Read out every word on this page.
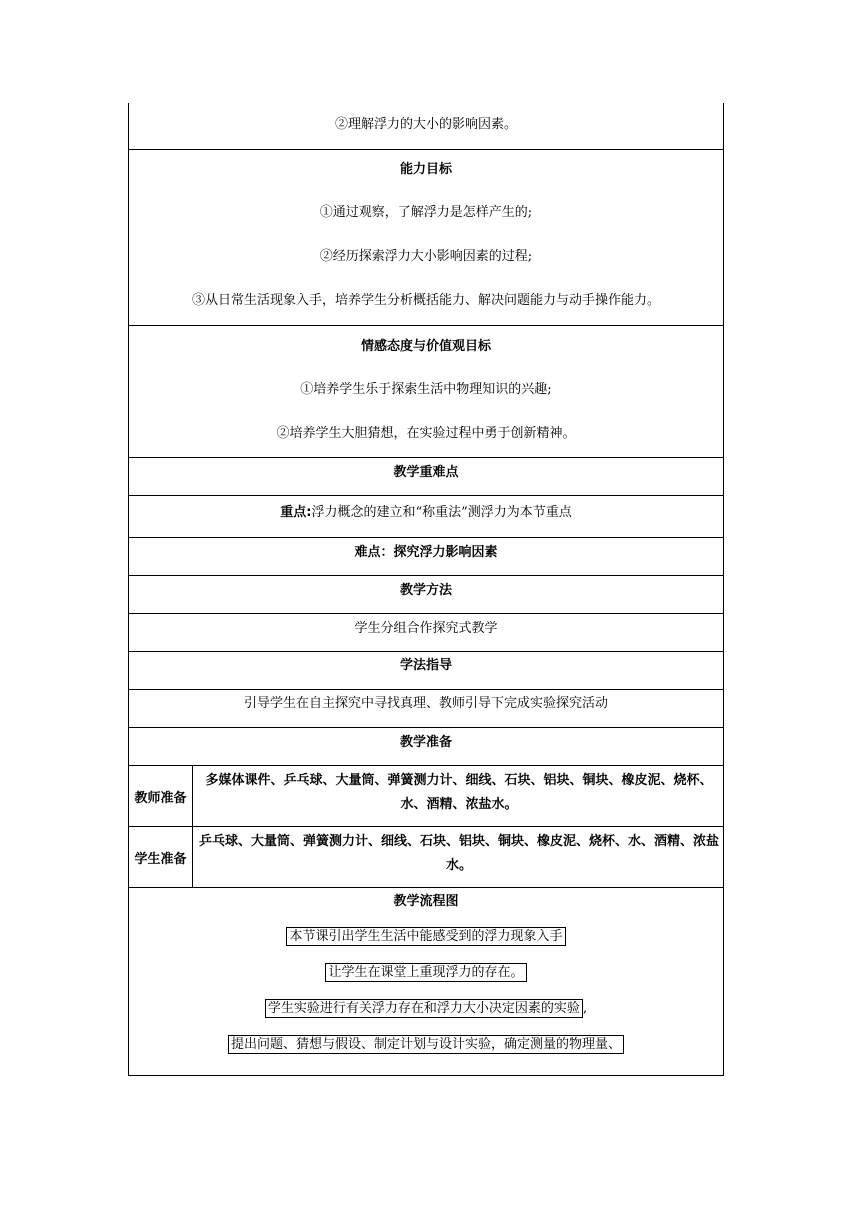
②理解浮力的大小的影响因素。
能力目标
①通过观察，了解浮力是怎样产生的;
②经历探索浮力大小影响因素的过程;
③从日常生活现象入手，培养学生分析概括能力、解决问题能力与动手操作能力。
情感态度与价值观目标
①培养学生乐于探索生活中物理知识的兴趣;
②培养学生大胆猜想，在实验过程中勇于创新精神。
教学重难点
重点:浮力概念的建立和“称重法”测浮力为本节重点
难点：探究浮力影响因素
教学方法
学生分组合作探究式教学
学法指导
引导学生在自主探究中寻找真理、教师引导下完成实验探究活动
教学准备
教师准备
多媒体课件、乒乓球、大量筒、弹簧测力计、细线、石块、铝块、铜块、橡皮泥、烧杯、水、酒精、浓盐水。
学生准备
乒乓球、大量筒、弹簧测力计、细线、石块、铝块、铜块、橡皮泥、烧杯、水、酒精、浓盐水。
教学流程图
本节课引出学生生活中能感受到的浮力现象入手
让学生在课堂上重现浮力的存在。
学生实验进行有关浮力存在和浮力大小决定因素的实验 ,
提出问题、猜想与假设、制定计划与设计实验，确定测量的物理量、
